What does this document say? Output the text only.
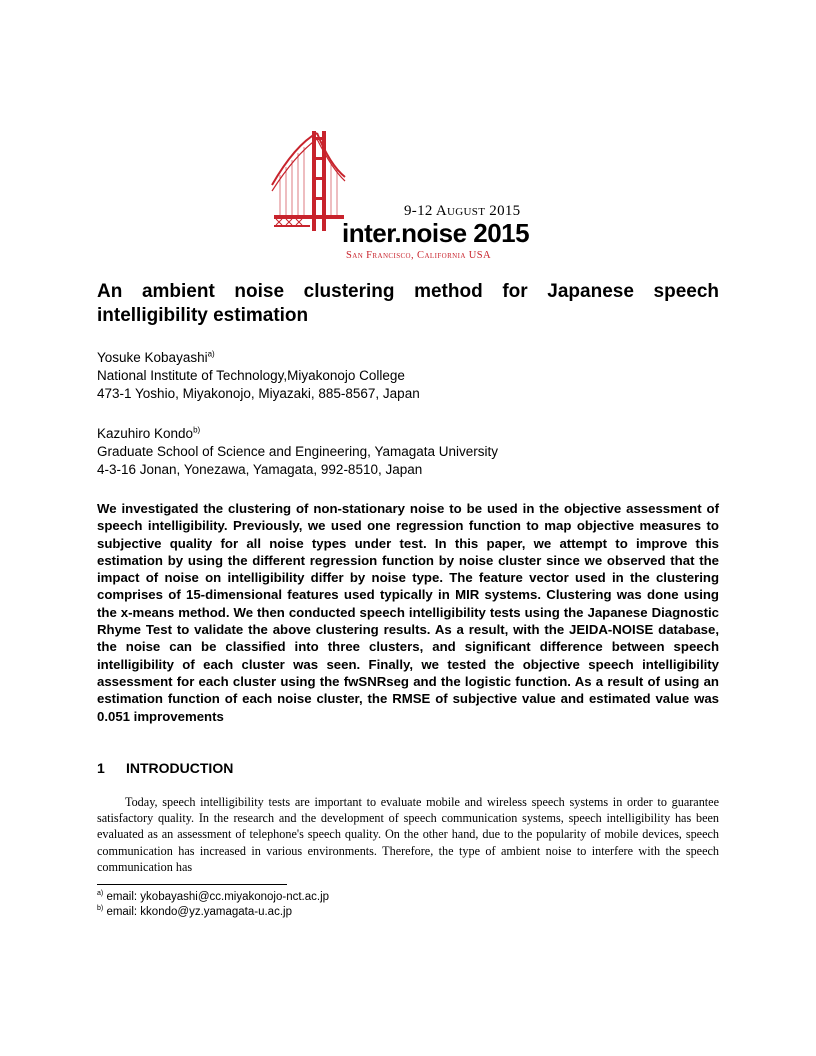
9-12 August 2015
inter.noise 2015
San Francisco, California USA
An ambient noise clustering method for Japanese speech intelligibility estimation
Yosuke Kobayashi$^{a)}$
National Institute of Technology,Miyakonojo College
473-1 Yoshio, Miyakonojo, Miyazaki, 885-8567, Japan
Kazuhiro Kondo$^{b)}$
Graduate School of Science and Engineering, Yamagata University
4-3-16 Jonan, Yonezawa, Yamagata, 992-8510, Japan
We investigated the clustering of non-stationary noise to be used in the objective assessment of speech intelligibility. Previously, we used one regression function to map objective measures to subjective quality for all noise types under test. In this paper, we attempt to improve this estimation by using the different regression function by noise cluster since we observed that the impact of noise on intelligibility differ by noise type. The feature vector used in the clustering comprises of 15-dimensional features used typically in MIR systems. Clustering was done using the x-means method. We then conducted speech intelligibility tests using the Japanese Diagnostic Rhyme Test to validate the above clustering results. As a result, with the JEIDA-NOISE database, the noise can be classified into three clusters, and significant difference between speech intelligibility of each cluster was seen. Finally, we tested the objective speech intelligibility assessment for each cluster using the fwSNRseg and the logistic function. As a result of using an estimation function of each noise cluster, the RMSE of subjective value and estimated value was 0.051 improvements
1 INTRODUCTION
Today, speech intelligibility tests are important to evaluate mobile and wireless speech systems in order to guarantee satisfactory quality. In the research and the development of speech communication systems, speech intelligibility has been evaluated as an assessment of telephone's speech quality. On the other hand, due to the popularity of mobile devices, speech communication has increased in various environments. Therefore, the type of ambient noise to interfere with the speech communication has
$^{a)}$ email: ykobayashi@cc.miyakonojo-nct.ac.jp
$^{b)}$ email: kkondo@yz.yamagata-u.ac.jp
